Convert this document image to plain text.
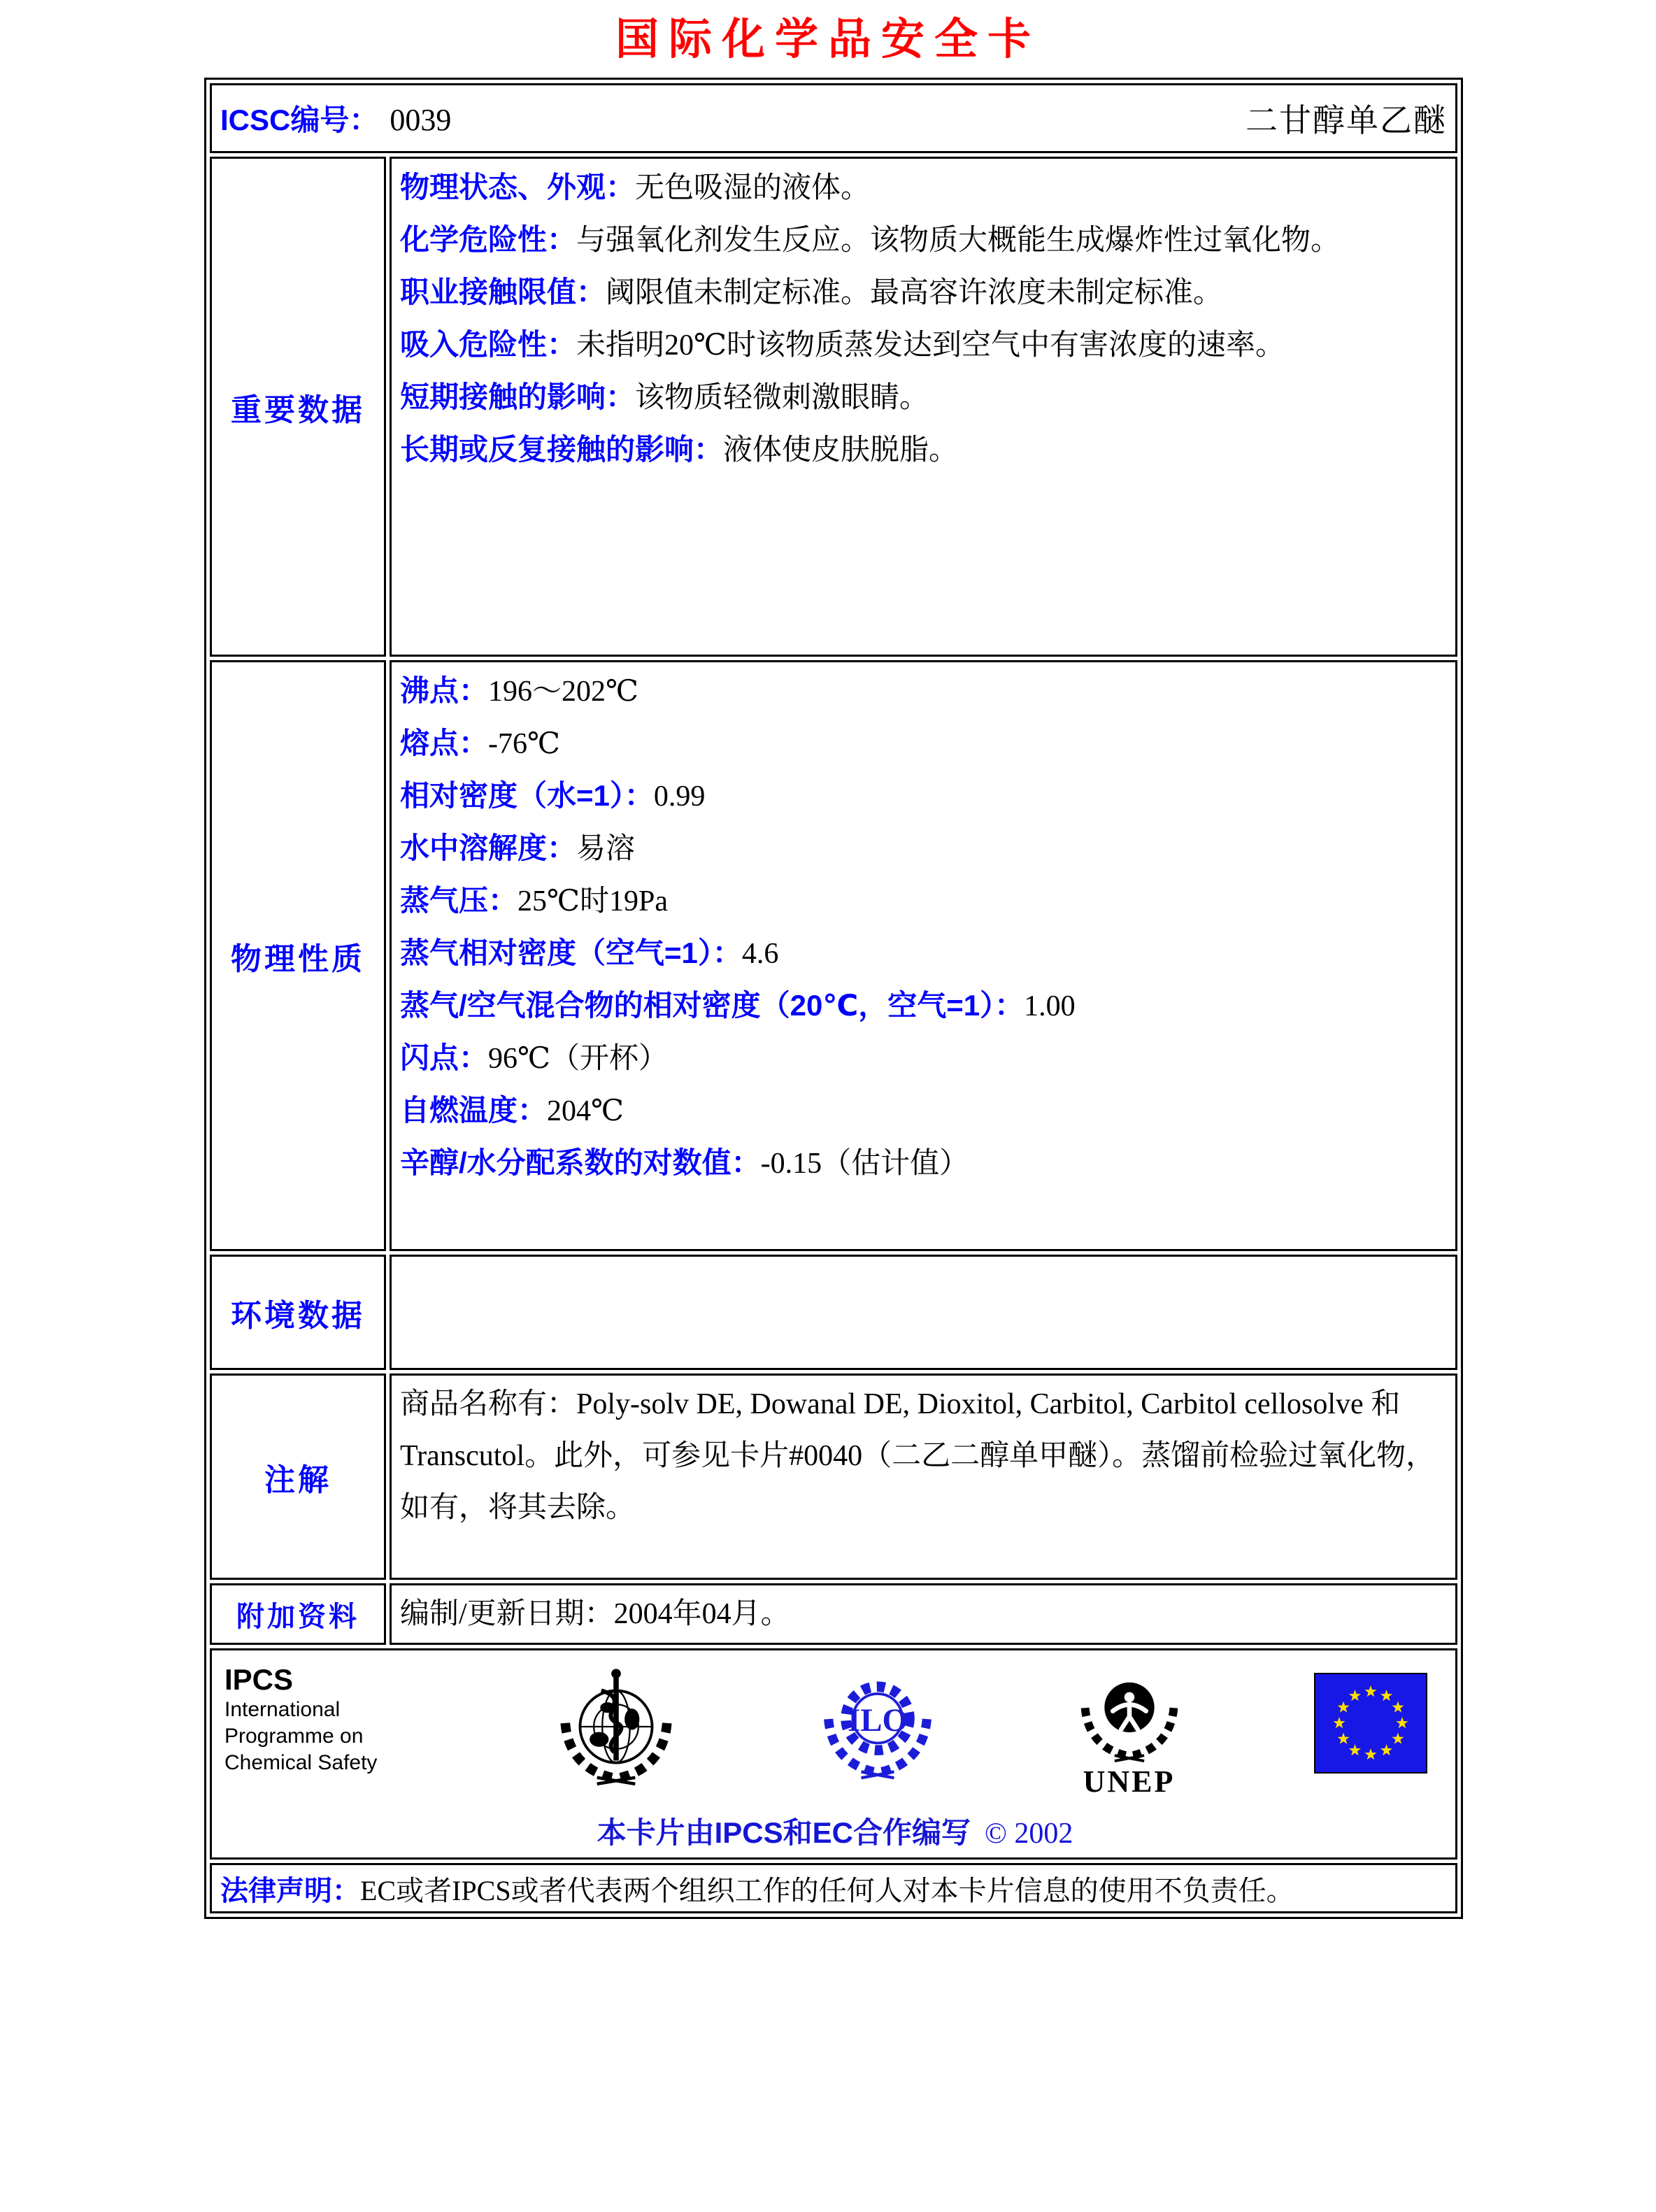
国际化学品安全卡
ICSC编号： 0039 二甘醇单乙醚	

重要数据	
物理状态、外观：无色吸湿的液体。
化学危险性：与强氧化剂发生反应。该物质大概能生成爆炸性过氧化物。
职业接触限值：阈限值未制定标准。最高容许浓度未制定标准。
吸入危险性：未指明20℃时该物质蒸发达到空气中有害浓度的速率。
短期接触的影响：该物质轻微刺激眼睛。
长期或反复接触的影响：液体使皮肤脱脂。

物理性质	
沸点：196～202℃
熔点：-76℃
相对密度（水=1）：0.99
水中溶解度：易溶
蒸气压：25℃时19Pa
蒸气相对密度（空气=1）：4.6
蒸气/空气混合物的相对密度（20℃，空气=1）：1.00
闪点：96℃（开杯）
自燃温度：204℃
辛醇/水分配系数的对数值：-0.15（估计值）

环境数据	

注解	商品名称有：Poly-solv DE, Dowanal DE, Dioxitol, Carbitol, Carbitol cellosolve 和 Transcutol。此外，可参见卡片#0040（二乙二醇单甲醚）。蒸馏前检验过氧化物，如有，将其去除。

附加资料	编制/更新日期：2004年04月。

IPCS
International
Programme on
Chemical Safety
ILO
UNEP
本卡片由IPCS和EC合作编写 © 2002

法律声明：EC或者IPCS或者代表两个组织工作的任何人对本卡片信息的使用不负责任。	
